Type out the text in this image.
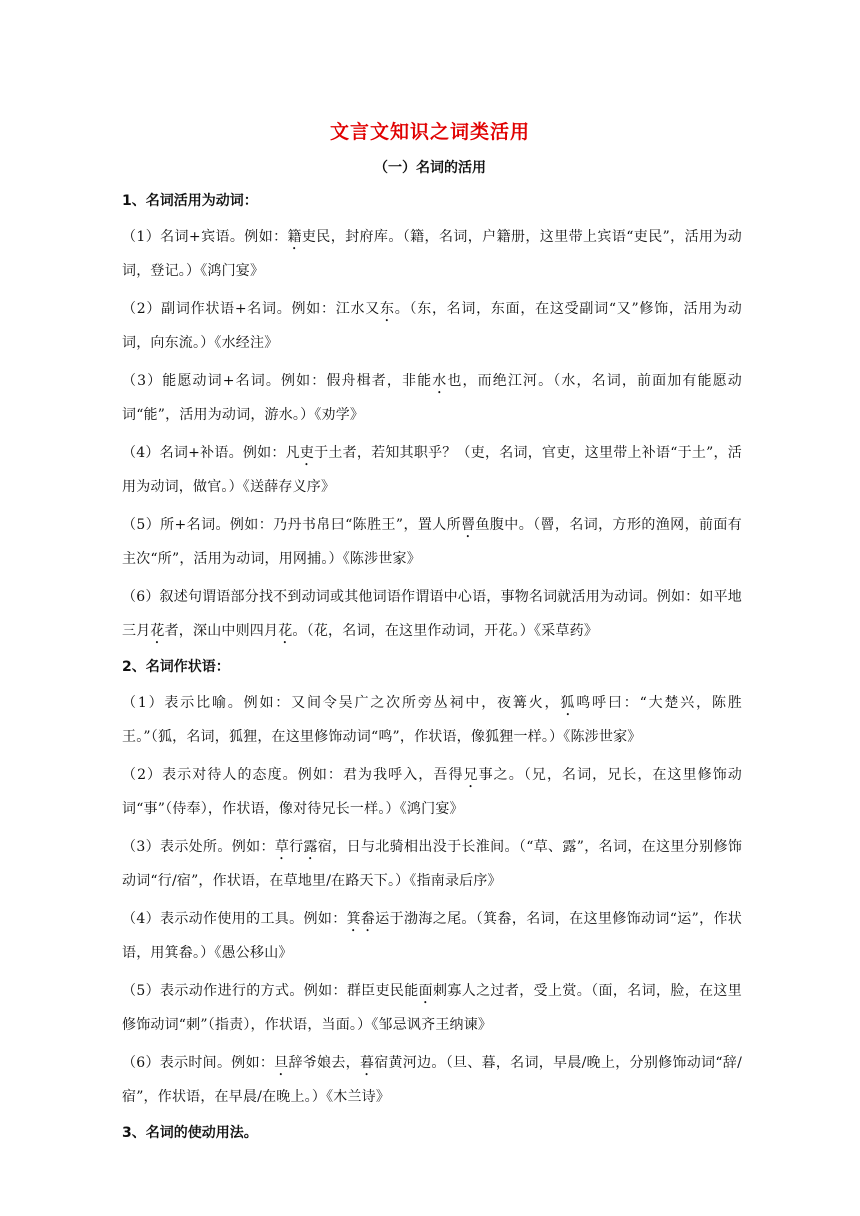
文言文知识之词类活用
（一）名词的活用
1、名词活用为动词：

（1）名词+宾语。例如：籍吏民，封府库。（籍，名词，户籍册，这里带上宾语“吏民”，活用为动词，登记。）《鸿门宴》

（2）副词作状语+名词。例如：江水又东。（东，名词，东面，在这受副词“又”修饰，活用为动词，向东流。）《水经注》

（3）能愿动词+名词。例如：假舟楫者，非能水也，而绝江河。（水，名词，前面加有能愿动词“能”，活用为动词，游水。）《劝学》

（4）名词+补语。例如：凡吏于土者，若知其职乎？（吏，名词，官吏，这里带上补语“于土”，活用为动词，做官。）《送薛存义序》

（5）所+名词。例如：乃丹书帛曰“陈胜王”，置人所罾鱼腹中。（罾，名词，方形的渔网，前面有主次“所”，活用为动词，用网捕。）《陈涉世家》

（6）叙述句谓语部分找不到动词或其他词语作谓语中心语，事物名词就活用为动词。例如：如平地三月花者，深山中则四月花。（花，名词，在这里作动词，开花。）《采草药》

2、名词作状语：

（1）表示比喻。例如：又间令吴广之次所旁丛祠中，夜篝火，狐鸣呼曰：“大楚兴，陈胜王。”（狐，名词，狐狸，在这里修饰动词“鸣”，作状语，像狐狸一样。）《陈涉世家》

（2）表示对待人的态度。例如：君为我呼入，吾得兄事之。（兄，名词，兄长，在这里修饰动词“事”（侍奉），作状语，像对待兄长一样。）《鸿门宴》

（3）表示处所。例如：草行露宿，日与北骑相出没于长淮间。（“草、露”，名词，在这里分别修饰动词“行/宿”，作状语，在草地里/在路天下。）《指南录后序》

（4）表示动作使用的工具。例如：箕畚运于渤海之尾。（箕畚，名词，在这里修饰动词“运”，作状语，用箕畚。）《愚公移山》

（5）表示动作进行的方式。例如：群臣吏民能面刺寡人之过者，受上赏。（面，名词，脸，在这里修饰动词“刺”（指责），作状语，当面。）《邹忌讽齐王纳谏》

（6）表示时间。例如：旦辞爷娘去，暮宿黄河边。（旦、暮，名词，早晨/晚上，分别修饰动词“辞/宿”，作状语，在早晨/在晚上。）《木兰诗》

3、名词的使动用法。
